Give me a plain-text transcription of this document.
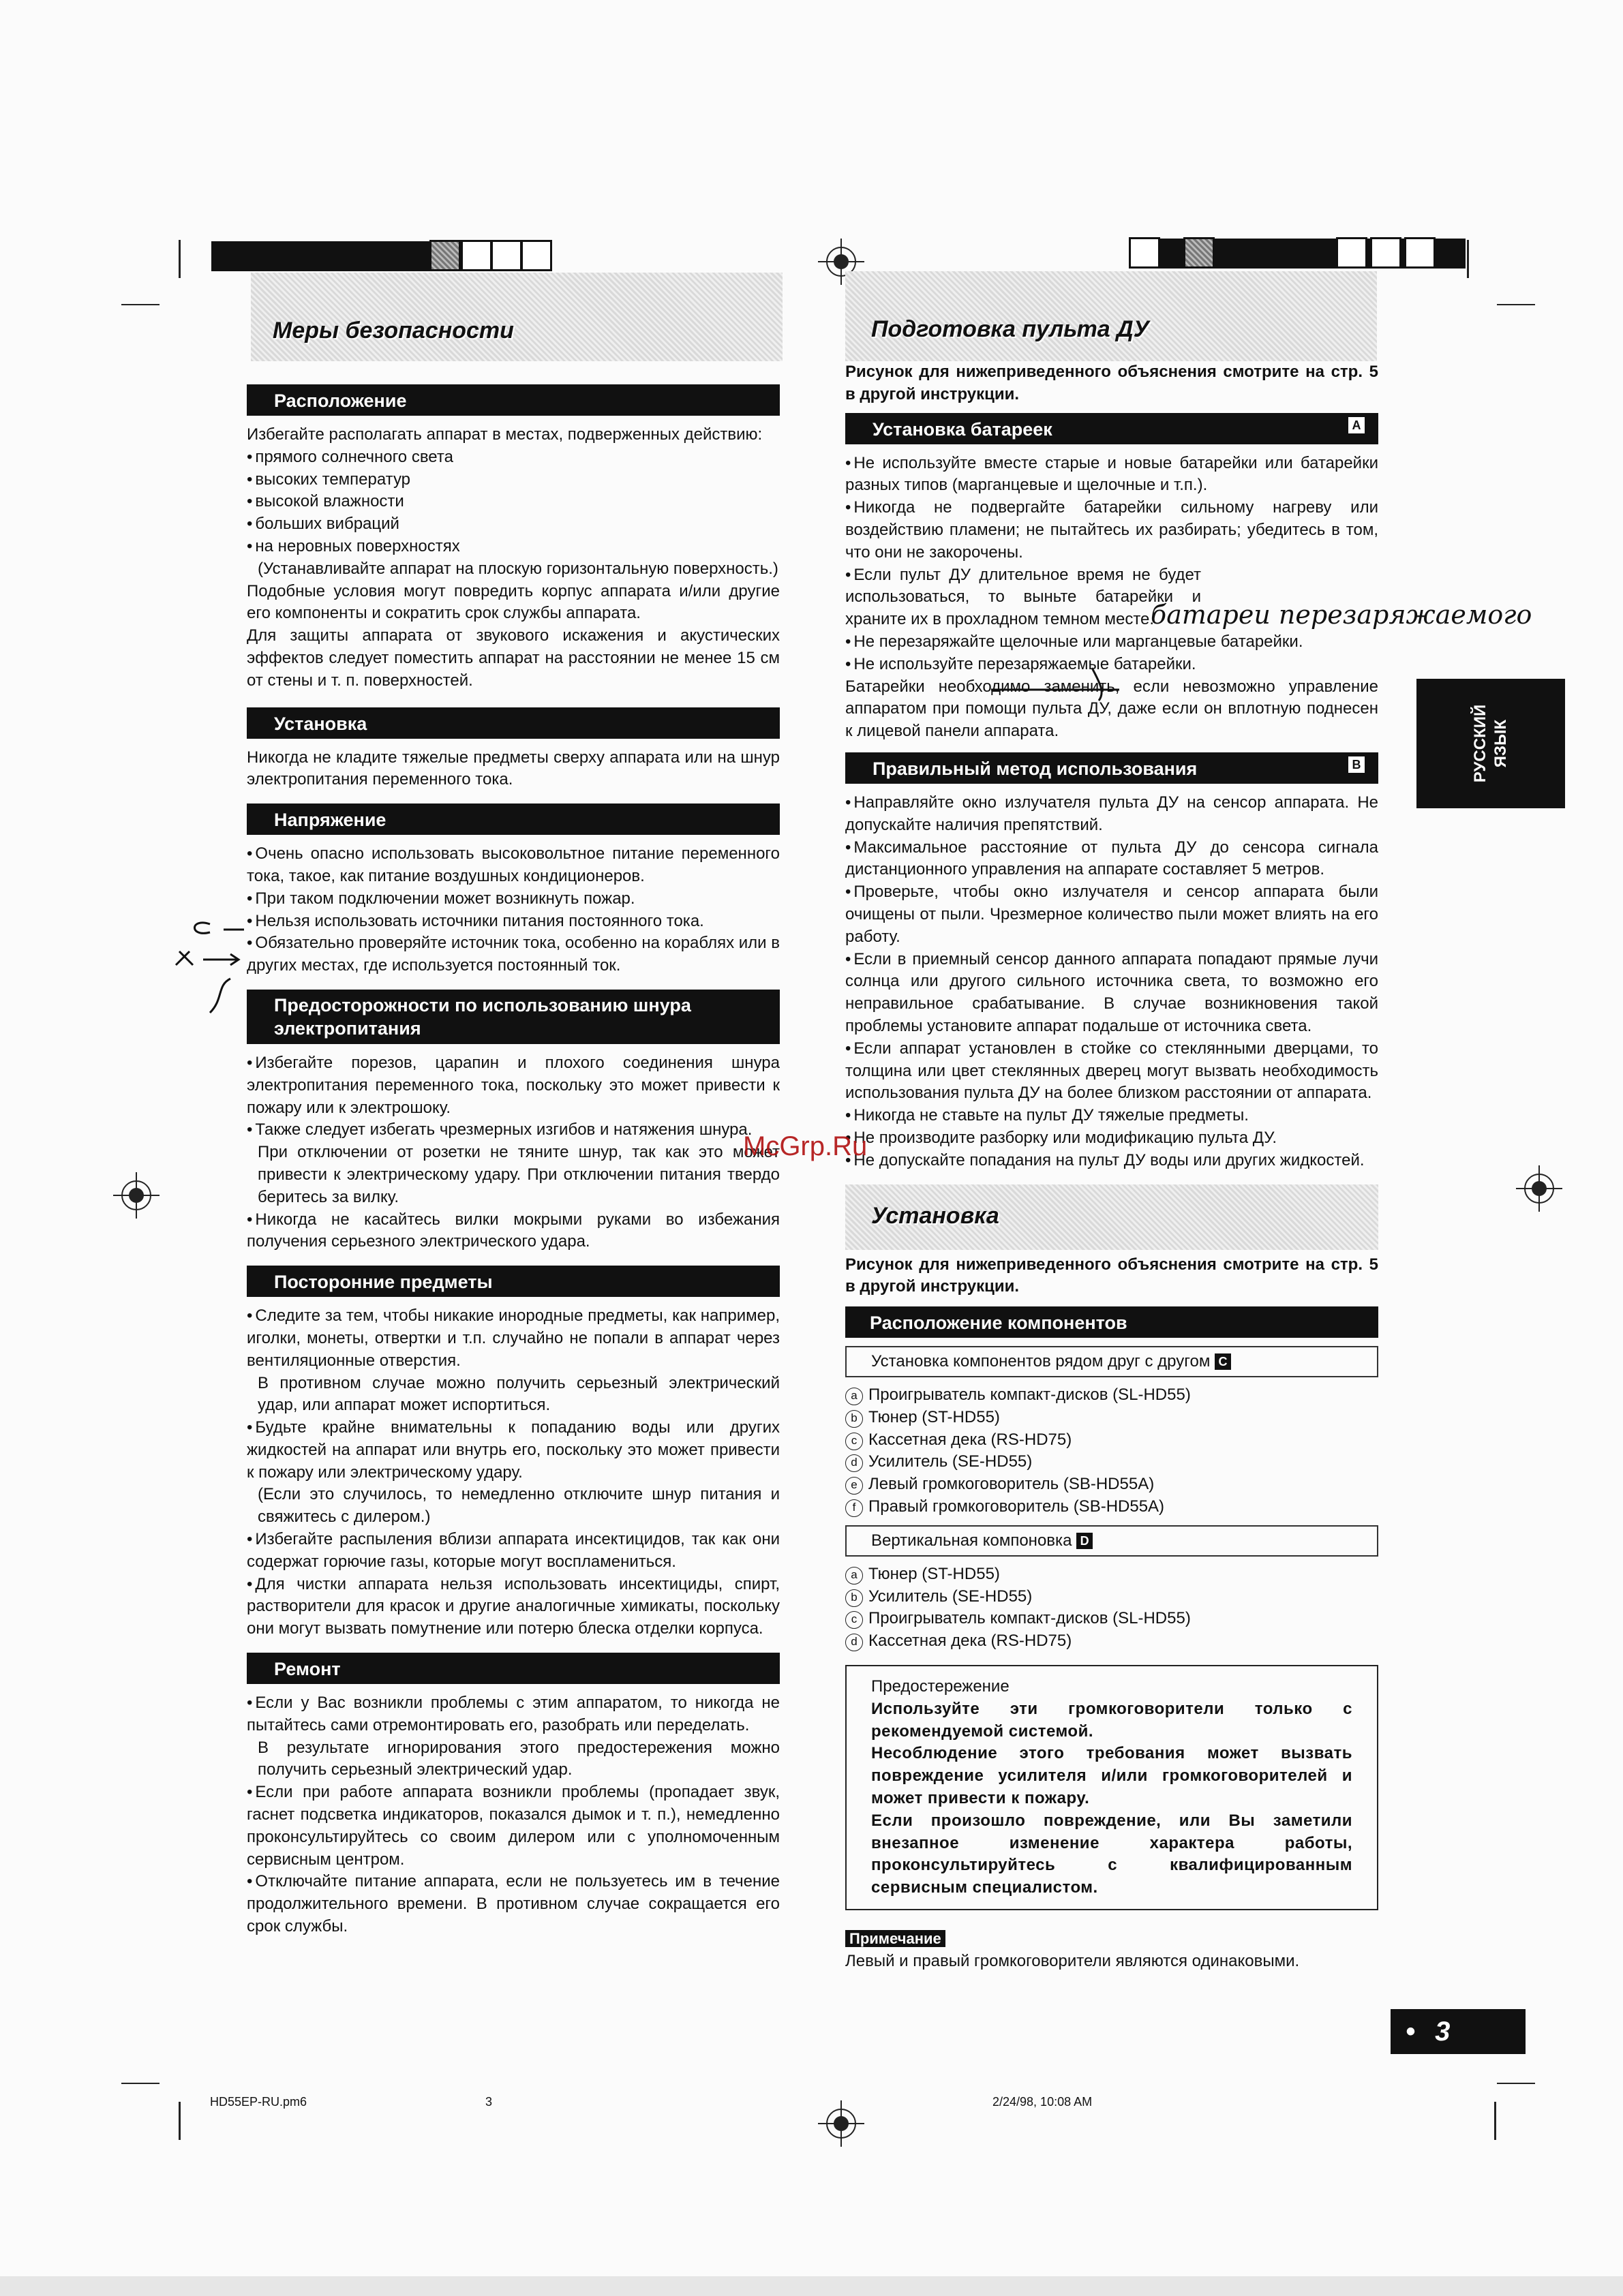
Меры безопасности	Подготовка пульта ДУ
Расположение

Избегайте располагать аппарат в местах, подверженных действию:

• прямого солнечного света

• высоких температур

• высокой влажности

• больших вибраций

• на неровных поверхностях

(Устанавливайте аппарат на плоскую горизонтальную поверхность.)

Подобные условия могут повредить корпус аппарата и/или другие его компоненты и сократить срок службы аппарата.

Для защиты аппарата от звукового искажения и акустических эффектов следует поместить аппарат на расстоянии не менее 15 см от стены и т. п. поверхностей.

Установка

Никогда не кладите тяжелые предметы сверху аппарата или на шнур электропитания переменного тока.

Напряжение

• Очень опасно использовать высоковольтное питание переменного тока, такое, как питание воздушных кондиционеров.

• При таком подключении может возникнуть пожар.

• Нельзя использовать источники питания постоянного тока.

• Обязательно проверяйте источник тока, особенно на кораблях или в других местах, где используется постоянный ток.

Предосторожности по использованию шнура электропитания

• Избегайте порезов, царапин и плохого соединения шнура электропитания переменного тока, поскольку это может привести к пожару или к электрошоку.

• Также следует избегать чрезмерных изгибов и натяжения шнура.

При отключении от розетки не тяните шнур, так как это может привести к электрическому удару. При отключении питания твердо беритесь за вилку.

• Никогда не касайтесь вилки мокрыми руками во избежания получения серьезного электрического удара.

Посторонние предметы

• Следите за тем, чтобы никакие инородные предметы, как например, иголки, монеты, отвертки и т.п. случайно не попали в аппарат через вентиляционные отверстия.

В противном случае можно получить серьезный электрический удар, или аппарат может испортиться.

• Будьте крайне внимательны к попаданию воды или других жидкостей на аппарат или внутрь его, поскольку это может привести к пожару или электрическому удару.

(Если это случилось, то немедленно отключите шнур питания и свяжитесь с дилером.)

• Избегайте распыления вблизи аппарата инсектицидов, так как они содержат горючие газы, которые могут воспламениться.

• Для чистки аппарата нельзя использовать инсектициды, спирт, растворители для красок и другие аналогичные химикаты, поскольку они могут вызвать помутнение или потерю блеска отделки корпуса.

Ремонт

• Если у Вас возникли проблемы с этим аппаратом, то никогда не пытайтесь сами отремонтировать его, разобрать или переделать.

В результате игнорирования этого предостережения можно получить серьезный электрический удар.

• Если при работе аппарата возникли проблемы (пропадает звук, гаснет подсветка индикаторов, показался дымок и т. п.), немедленно проконсультируйтесь со своим дилером или с уполномоченным сервисным центром.

• Отключайте питание аппарата, если не пользуетесь им в течение продолжительного времени. В противном случае сокращается его срок службы.

Рисунок для нижеприведенного объяснения смотрите на стр. 5 в другой инструкции.

Установка батареек	A

• Не используйте вместе старые и новые батарейки или батарейки разных типов (марганцевые и щелочные и т.п.).

• Никогда не подвергайте батарейки сильному нагреву или воздействию пламени; не пытайтесь их разбирать; убедитесь в том, что они не закорочены.

• Если пульт ДУ длительное время не будет использоваться, то выньте батарейки и храните их в прохладном темном месте.

• Не перезаряжайте щелочные или марганцевые батарейки.

• Не используйте перезаряжаемые батарейки.

Батарейки необходимо заменить, если невозможно управление аппаратом при помощи пульта ДУ, даже если он вплотную поднесен к лицевой панели аппарата.

Правильный метод использования	B

• Направляйте окно излучателя пульта ДУ на сенсор аппарата. Не допускайте наличия препятствий.

• Максимальное расстояние от пульта ДУ до сенсора сигнала дистанционного управления на аппарате составляет 5 метров.

• Проверьте, чтобы окно излучателя и сенсор аппарата были очищены от пыли. Чрезмерное количество пыли может влиять на его работу.

• Если в приемный сенсор данного аппарата попадают прямые лучи солнца или другого сильного источника света, то возможно его неправильное срабатывание. В случае возникновения такой проблемы установите аппарат подальше от источника света.

• Если аппарат установлен в стойке со стеклянными дверцами, то толщина или цвет стеклянных дверец могут вызвать необходимость использования пульта ДУ на более близком расстоянии от аппарата.

• Никогда не ставьте на пульт ДУ тяжелые предметы.

• Не производите разборку или модификацию пульта ДУ.

• Не допускайте попадания на пульт ДУ воды или других жидкостей.

Установка

Рисунок для нижеприведенного объяснения смотрите на стр. 5 в другой инструкции.

Расположение компонентов
Установка компонентов рядом друг с другом C

a Проигрыватель компакт-дисков (SL-HD55)

b Тюнер (ST-HD55)

c Кассетная дека (RS-HD75)

d Усилитель (SE-HD55)

e Левый громкоговоритель (SB-HD55A)

f Правый громкоговоритель (SB-HD55A)

Вертикальная компоновка D

a Тюнер (ST-HD55)

b Усилитель (SE-HD55)

c Проигрыватель компакт-дисков (SL-HD55)

d Кассетная дека (RS-HD75)

Предостережение

Используйте эти громкоговорители только с рекомендуемой системой.

Несоблюдение этого требования может вызвать повреждение усилителя и/или громкоговорителей и может привести к пожару.

Если произошло повреждение, или Вы заметили внезапное изменение характера работы, проконсультируйтесь с квалифицированным сервисным специалистом.

Примечание

Левый и правый громкоговорители являются одинаковыми.

батареи перезаряжаемого
РУССКИЙ ЯЗЫК
• 3
McGrp.Ru
HD55EP-RU.pm6	3	2/24/98, 10:08 AM
